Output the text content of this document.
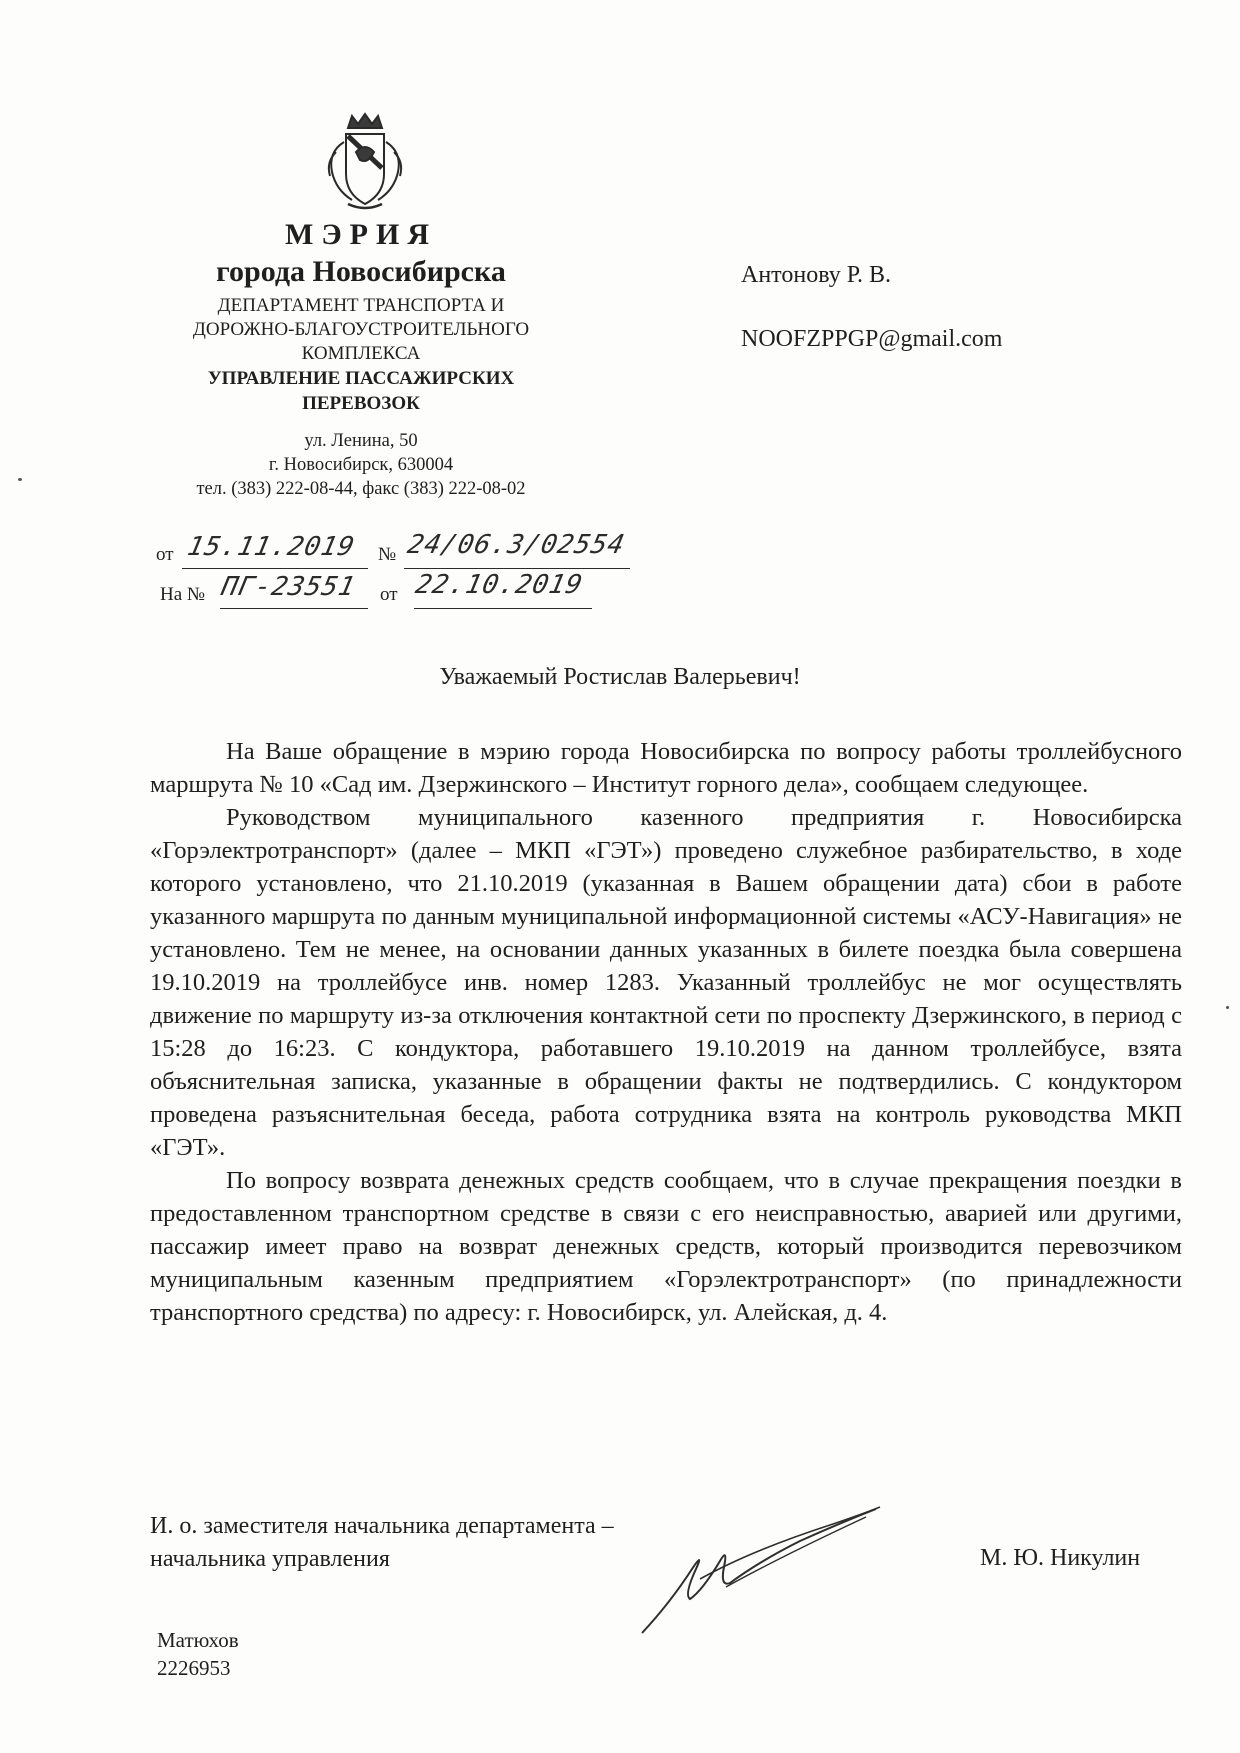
МЭРИЯ
города Новосибирска
ДЕПАРТАМЕНТ ТРАНСПОРТА И
ДОРОЖНО-БЛАГОУСТРОИТЕЛЬНОГО
КОМПЛЕКСА
УПРАВЛЕНИЕ ПАССАЖИРСКИХ
ПЕРЕВОЗОК
ул. Ленина, 50
г. Новосибирск, 630004
тел. (383) 222-08-44, факс (383) 222-08-02
от 15.11.2019 № 24/06.3/02554
На № ПГ-23551 от 22.10.2019
Антонову Р. В.
NOOFZPPGP@gmail.com
Уважаемый Ростислав Валерьевич!

На Ваше обращение в мэрию города Новосибирска по вопросу работы троллейбусного маршрута № 10 «Сад им. Дзержинского – Институт горного дела», сообщаем следующее.

Руководством муниципального казенного предприятия г. Новосибирска «Горэлектротранспорт» (далее – МКП «ГЭТ») проведено служебное разбирательство, в ходе которого установлено, что 21.10.2019 (указанная в Вашем обращении дата) сбои в работе указанного маршрута по данным муниципальной информационной системы «АСУ-Навигация» не установлено. Тем не менее, на основании данных указанных в билете поездка была совершена 19.10.2019 на троллейбусе инв. номер 1283. Указанный троллейбус не мог осуществлять движение по маршруту из-за отключения контактной сети по проспекту Дзержинского, в период с 15:28 до 16:23. С кондуктора, работавшего 19.10.2019 на данном троллейбусе, взята объяснительная записка, указанные в обращении факты не подтвердились. С кондуктором проведена разъяснительная беседа, работа сотрудника взята на контроль руководства МКП «ГЭТ».

По вопросу возврата денежных средств сообщаем, что в случае прекращения поездки в предоставленном транспортном средстве в связи с его неисправностью, аварией или другими, пассажир имеет право на возврат денежных средств, который производится перевозчиком муниципальным казенным предприятием «Горэлектротранспорт» (по принадлежности транспортного средства) по адресу: г. Новосибирск, ул. Алейская, д. 4.

И. о. заместителя начальника департамента –
начальника управления	М. Ю. Никулин
Матюхов
2226953
